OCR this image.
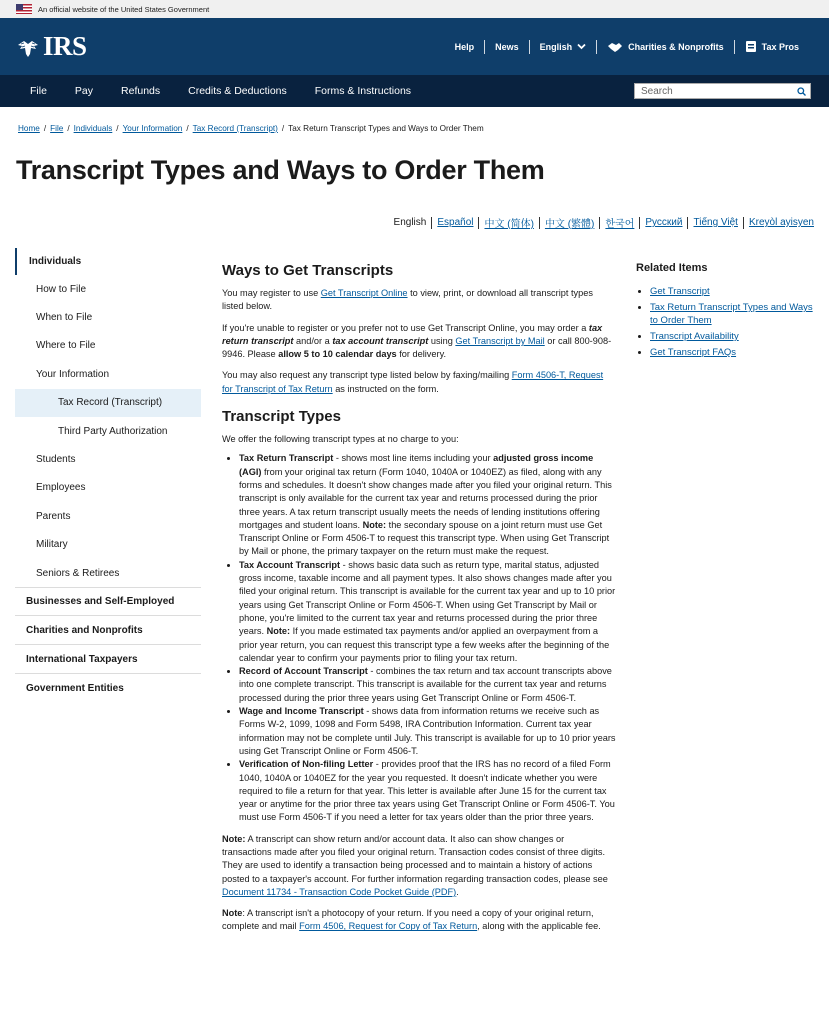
An official website of the United States Government
IRS	Help	News	English	Charities & Nonprofits	Tax Pros
File	Pay	Refunds	Credits & Deductions	Forms & Instructions	Search
Home / File / Individuals / Your Information / Tax Record (Transcript) / Tax Return Transcript Types and Ways to Order Them
Transcript Types and Ways to Order Them
English	Español	中文 (简体)	中文 (繁體)	한국어	Русский	Tiếng Việt	Kreyòl ayisyen
Individuals
How to File
When to File
Where to File
Your Information
Tax Record (Transcript)
Third Party Authorization
Students
Employees
Parents
Military
Seniors & Retirees
Businesses and Self-Employed
Charities and Nonprofits
International Taxpayers
Government Entities
Ways to Get Transcripts

You may register to use Get Transcript Online to view, print, or download all transcript types listed below.

If you're unable to register or you prefer not to use Get Transcript Online, you may order a tax return transcript and/or a tax account transcript using Get Transcript by Mail or call 800-908-9946. Please allow 5 to 10 calendar days for delivery.

You may also request any transcript type listed below by faxing/mailing Form 4506-T, Request for Transcript of Tax Return as instructed on the form.

Transcript Types

We offer the following transcript types at no charge to you:

• Tax Return Transcript - shows most line items including your adjusted gross income (AGI) from your original tax return (Form 1040, 1040A or 1040EZ) as filed, along with any forms and schedules. It doesn't show changes made after you filed your original return. This transcript is only available for the current tax year and returns processed during the prior three years. A tax return transcript usually meets the needs of lending institutions offering mortgages and student loans. Note: the secondary spouse on a joint return must use Get Transcript Online or Form 4506-T to request this transcript type. When using Get Transcript by Mail or phone, the primary taxpayer on the return must make the request.
• Tax Account Transcript - shows basic data such as return type, marital status, adjusted gross income, taxable income and all payment types. It also shows changes made after you filed your original return. This transcript is available for the current tax year and up to 10 prior years using Get Transcript Online or Form 4506-T. When using Get Transcript by Mail or phone, you're limited to the current tax year and returns processed during the prior three years. Note: If you made estimated tax payments and/or applied an overpayment from a prior year return, you can request this transcript type a few weeks after the beginning of the calendar year to confirm your payments prior to filing your tax return.
• Record of Account Transcript - combines the tax return and tax account transcripts above into one complete transcript. This transcript is available for the current tax year and returns processed during the prior three years using Get Transcript Online or Form 4506-T.
• Wage and Income Transcript - shows data from information returns we receive such as Forms W-2, 1099, 1098 and Form 5498, IRA Contribution Information. Current tax year information may not be complete until July. This transcript is available for up to 10 prior years using Get Transcript Online or Form 4506-T.
• Verification of Non-filing Letter - provides proof that the IRS has no record of a filed Form 1040, 1040A or 1040EZ for the year you requested. It doesn't indicate whether you were required to file a return for that year. This letter is available after June 15 for the current tax year or anytime for the prior three tax years using Get Transcript Online or Form 4506-T. You must use Form 4506-T if you need a letter for tax years older than the prior three years.

Note: A transcript can show return and/or account data. It also can show changes or transactions made after you filed your original return. Transaction codes consist of three digits. They are used to identify a transaction being processed and to maintain a history of actions posted to a taxpayer's account. For further information regarding transaction codes, please see Document 11734 - Transaction Code Pocket Guide (PDF).

Note: A transcript isn't a photocopy of your return. If you need a copy of your original return, complete and mail Form 4506, Request for Copy of Tax Return, along with the applicable fee.

Related Items
• Get Transcript
• Tax Return Transcript Types and Ways to Order Them
• Transcript Availability
• Get Transcript FAQs
